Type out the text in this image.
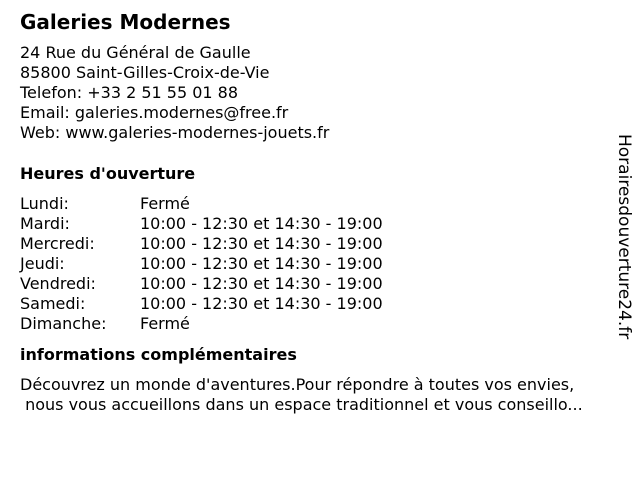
Galeries Modernes
24 Rue du Général de Gaulle
85800 Saint-Gilles-Croix-de-Vie
Telefon: +33 2 51 55 01 88
Email: galeries.modernes@free.fr
Web: www.galeries-modernes-jouets.fr
Heures d'ouverture
Lundi:	Fermé
Mardi:	10:00 - 12:30 et 14:30 - 19:00
Mercredi:	10:00 - 12:30 et 14:30 - 19:00
Jeudi:	10:00 - 12:30 et 14:30 - 19:00
Vendredi:	10:00 - 12:30 et 14:30 - 19:00
Samedi:	10:00 - 12:30 et 14:30 - 19:00
Dimanche:	Fermé
informations complémentaires
Découvrez un monde d'aventures.Pour répondre à toutes vos envies,
nous vous accueillons dans un espace traditionnel et vous conseillo...
Horairesdouverture24.fr
